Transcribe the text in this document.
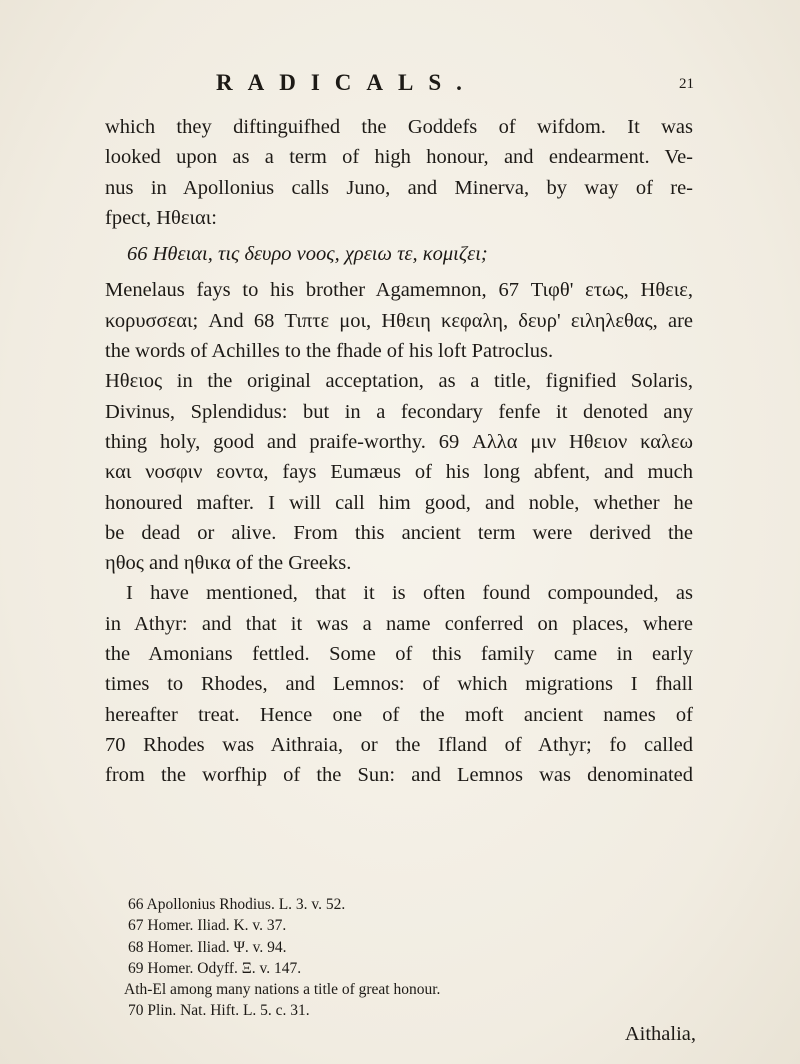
RADICALS.	21
which they diftinguifhed the Goddefs of wifdom. It was
looked upon as a term of high honour, and endearment. Ve-
nus in Apollonius calls Juno, and Minerva, by way of re-
fpect, Hθειαι:
66 Hθειαι, τις δευρο νοος, χρειω τε, κομιζει;
Menelaus fays to his brother Agamemnon, 67 Τιφθ' ετως, Hθειε,
κορυσσεαι; And 68 Τιπτε μοι, Hθειη κεφαλη, δευρ' ειληλεθας, are
the words of Achilles to the fhade of his loft Patroclus.
Hθειος in the original acceptation, as a title, fignified Solaris,
Divinus, Splendidus: but in a fecondary fenfe it denoted any
thing holy, good and praife-worthy. 69 Αλλα μιν Hθειον καλεω
και νοσφιν εοντα, fays Eumæus of his long abfent, and much
honoured mafter. I will call him good, and noble, whether he
be dead or alive. From this ancient term were derived the
ηθος and ηθικα of the Greeks.
I have mentioned, that it is often found compounded, as
in Athyr: and that it was a name conferred on places, where
the Amonians fettled. Some of this family came in early
times to Rhodes, and Lemnos: of which migrations I fhall
hereafter treat. Hence one of the moft ancient names of
70 Rhodes was Aithraia, or the Ifland of Athyr; fo called
from the worfhip of the Sun: and Lemnos was denominated
66 Apollonius Rhodius. L. 3. v. 52.
67 Homer. Iliad. K. v. 37.
68 Homer. Iliad. Ψ. v. 94.
69 Homer. Odyff. Ξ. v. 147.
Ath-El among many nations a title of great honour.
70 Plin. Nat. Hift. L. 5. c. 31.
Aithalia,
